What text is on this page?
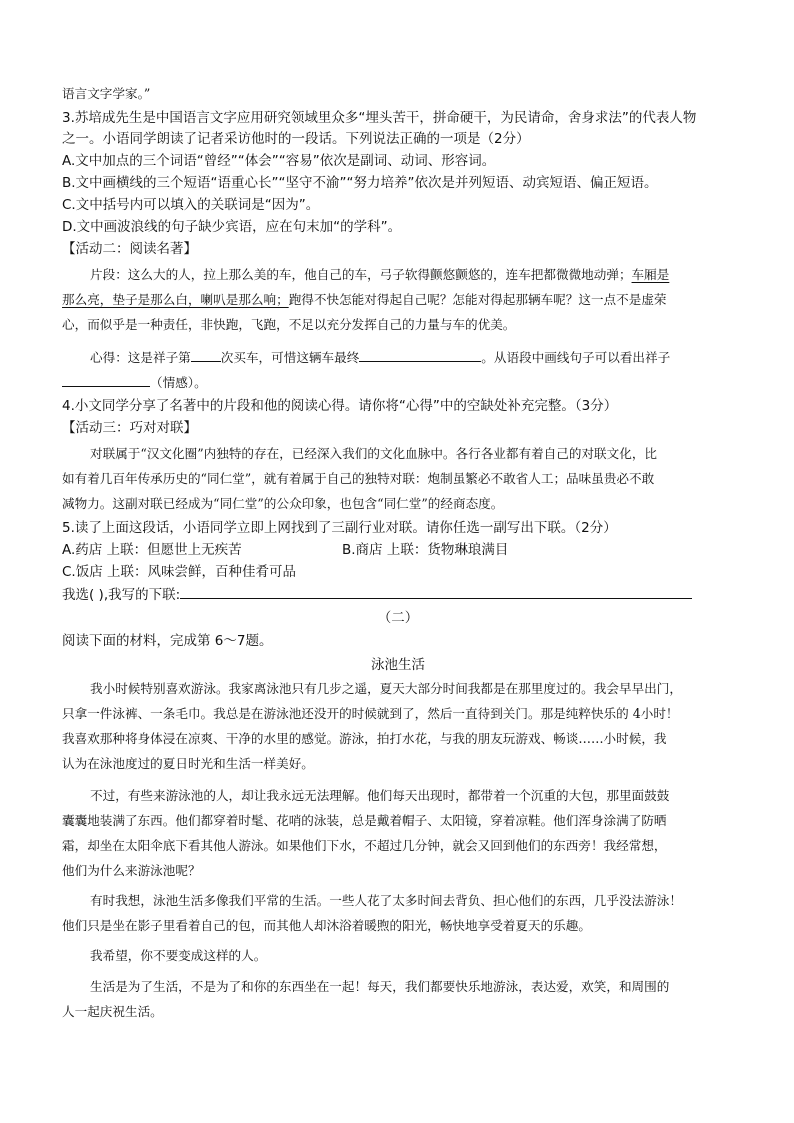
语言文字学家。”
3.苏培成先生是中国语言文字应用研究领域里众多“埋头苦干，拼命硬干，为民请命，舍身求法”的代表人物
之一。小语同学朗读了记者采访他时的一段话。下列说法正确的一项是（2分）
A.文中加点的三个词语“曾经”“体会”“容易”依次是副词、动词、形容词。
B.文中画横线的三个短语“语重心长”“坚守不渝”“努力培养”依次是并列短语、动宾短语、偏正短语。
C.文中括号内可以填入的关联词是“因为”。
D.文中画波浪线的句子缺少宾语，应在句末加“的学科”。
【活动二：阅读名著】
片段：这么大的人，拉上那么美的车，他自己的车，弓子软得颤悠颤悠的，连车把都微微地动弹；车厢是
那么亮，垫子是那么白，喇叭是那么响；跑得不快怎能对得起自己呢？怎能对得起那辆车呢？这一点不是虚荣
心，而似乎是一种责任，非快跑，飞跑，不足以充分发挥自己的力量与车的优美。
心得：这是祥子第 次买车，可惜这辆车最终	。从语段中画线句子可以看出祥子
（情感）。
4.小文同学分享了名著中的片段和他的阅读心得。请你将“心得”中的空缺处补充完整。（3分）
【活动三：巧对对联】
对联属于“汉文化圈”内独特的存在，已经深入我们的文化血脉中。各行各业都有着自己的对联文化，比
如有着几百年传承历史的“同仁堂”，就有着属于自己的独特对联：炮制虽繁必不敢省人工；品味虽贵必不敢
减物力。这副对联已经成为“同仁堂”的公众印象，也包含“同仁堂”的经商态度。
5.读了上面这段话，小语同学立即上网找到了三副行业对联。请你任选一副写出下联。（2分）
A.药店 上联：但愿世上无疾苦	B.商店 上联：货物琳琅满目
C.饭店 上联：风味尝鲜，百种佳肴可品
我选( ),我写的下联:
（二）
阅读下面的材料，完成第 6～7题。
泳池生活
我小时候特别喜欢游泳。我家离泳池只有几步之遥，夏天大部分时间我都是在那里度过的。我会早早出门，
只拿一件泳裤、一条毛巾。我总是在游泳池还没开的时候就到了，然后一直待到关门。那是纯粹快乐的 4小时！
我喜欢那种将身体浸在凉爽、干净的水里的感觉。游泳，拍打水花，与我的朋友玩游戏、畅谈……小时候，我
认为在泳池度过的夏日时光和生活一样美好。
不过，有些来游泳池的人，却让我永远无法理解。他们每天出现时，都带着一个沉重的大包，那里面鼓鼓
囊囊地装满了东西。他们都穿着时髦、花哨的泳装，总是戴着帽子、太阳镜，穿着凉鞋。他们浑身涂满了防晒
霜，却坐在太阳伞底下看其他人游泳。如果他们下水，不超过几分钟，就会又回到他们的东西旁！我经常想，
他们为什么来游泳池呢？
有时我想，泳池生活多像我们平常的生活。一些人花了太多时间去背负、担心他们的东西，几乎没法游泳！
他们只是坐在影子里看着自己的包，而其他人却沐浴着暖煦的阳光，畅快地享受着夏天的乐趣。
我希望，你不要变成这样的人。
生活是为了生活，不是为了和你的东西坐在一起！每天，我们都要快乐地游泳，表达爱，欢笑，和周围的
人一起庆祝生活。
